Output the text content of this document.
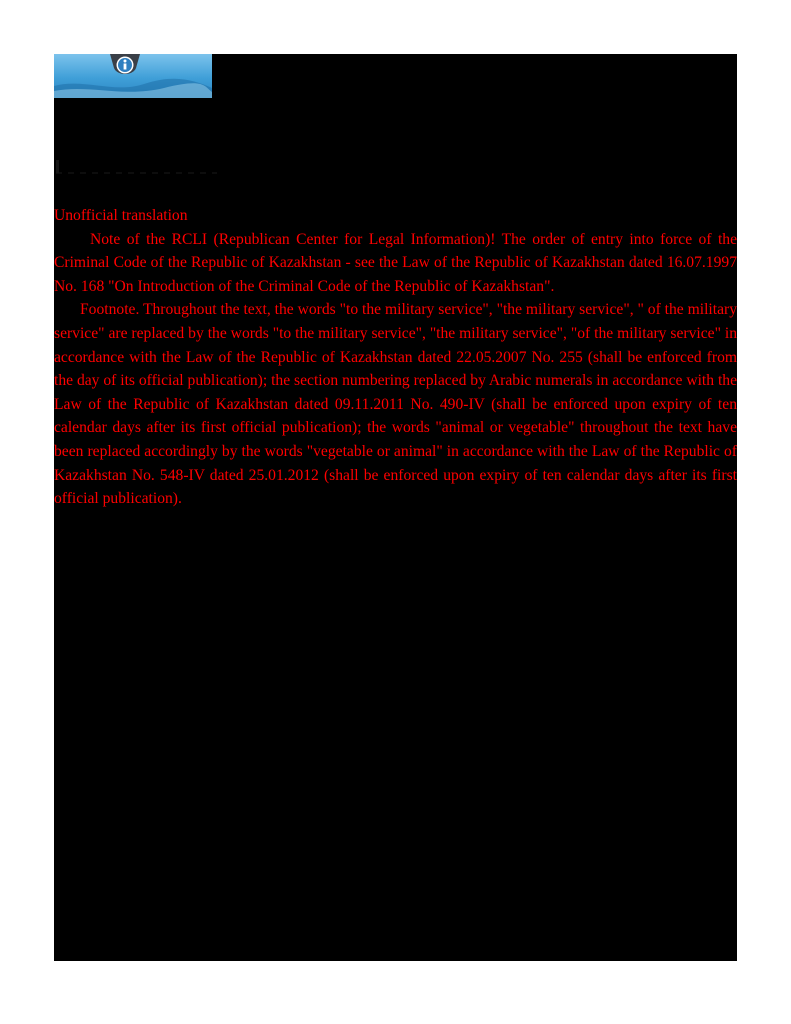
Unofficial translation

Note of the RCLI (Republican Center for Legal Information)! The order of entry into force of the Criminal Code of the Republic of Kazakhstan - see the Law of the Republic of Kazakhstan dated 16.07.1997 No. 168 "On Introduction of the Criminal Code of the Republic of Kazakhstan".

Footnote. Throughout the text, the words "to the military service", "the military service", " of the military service" are replaced by the words "to the military service", "the military service", "of the military service" in accordance with the Law of the Republic of Kazakhstan dated 22.05.2007 No. 255 (shall be enforced from the day of its official publication); the section numbering replaced by Arabic numerals in accordance with the Law of the Republic of Kazakhstan dated 09.11.2011 No. 490-IV (shall be enforced upon expiry of ten calendar days after its first official publication); the words "animal or vegetable" throughout the text have been replaced accordingly by the words "vegetable or animal" in accordance with the Law of the Republic of Kazakhstan No. 548-IV dated 25.01.2012 (shall be enforced upon expiry of ten calendar days after its first official publication).
